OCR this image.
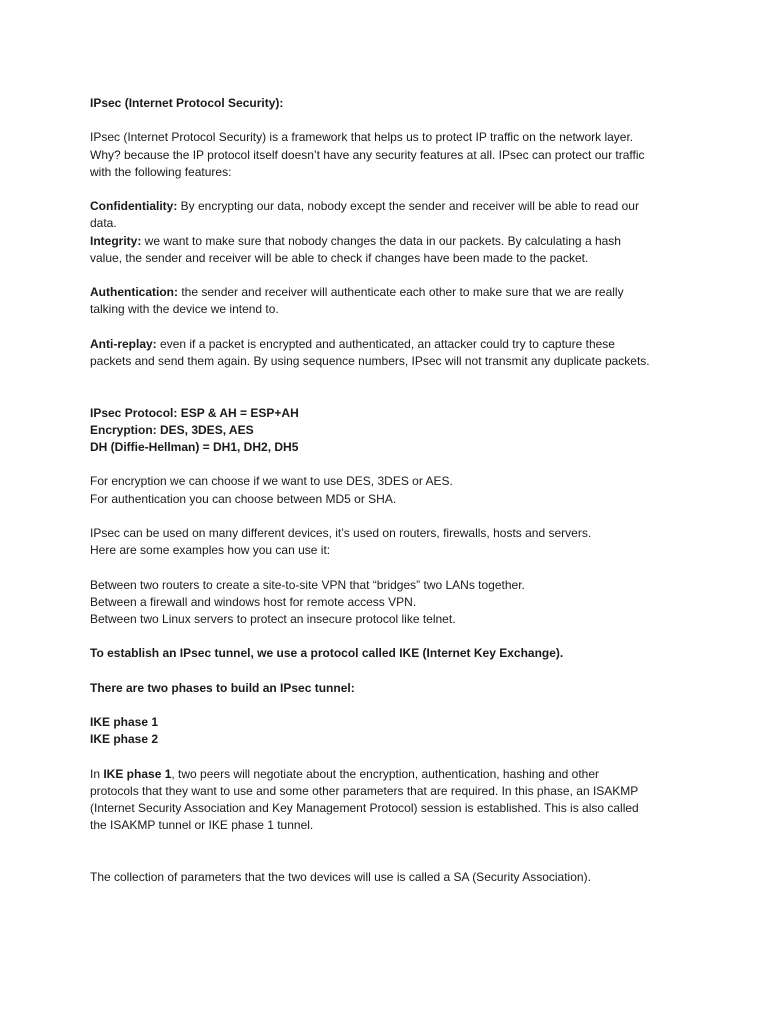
IPsec (Internet Protocol Security):

IPsec (Internet Protocol Security) is a framework that helps us to protect IP traffic on the network layer.

Why? because the IP protocol itself doesn’t have any security features at all. IPsec can protect our traffic

with the following features:

Confidentiality: By encrypting our data, nobody except the sender and receiver will be able to read our

data.

Integrity: we want to make sure that nobody changes the data in our packets. By calculating a hash

value, the sender and receiver will be able to check if changes have been made to the packet.

Authentication: the sender and receiver will authenticate each other to make sure that we are really

talking with the device we intend to.

Anti-replay: even if a packet is encrypted and authenticated, an attacker could try to capture these

packets and send them again. By using sequence numbers, IPsec will not transmit any duplicate packets.

IPsec Protocol: ESP & AH = ESP+AH

Encryption: DES, 3DES, AES

DH (Diffie-Hellman) = DH1, DH2, DH5

For encryption we can choose if we want to use DES, 3DES or AES.

For authentication you can choose between MD5 or SHA.

IPsec can be used on many different devices, it’s used on routers, firewalls, hosts and servers.

Here are some examples how you can use it:

Between two routers to create a site-to-site VPN that “bridges” two LANs together.

Between a firewall and windows host for remote access VPN.

Between two Linux servers to protect an insecure protocol like telnet.

To establish an IPsec tunnel, we use a protocol called IKE (Internet Key Exchange).

There are two phases to build an IPsec tunnel:

IKE phase 1

IKE phase 2

In IKE phase 1, two peers will negotiate about the encryption, authentication, hashing and other

protocols that they want to use and some other parameters that are required. In this phase, an ISAKMP

(Internet Security Association and Key Management Protocol) session is established. This is also called

the ISAKMP tunnel or IKE phase 1 tunnel.

The collection of parameters that the two devices will use is called a SA (Security Association).
